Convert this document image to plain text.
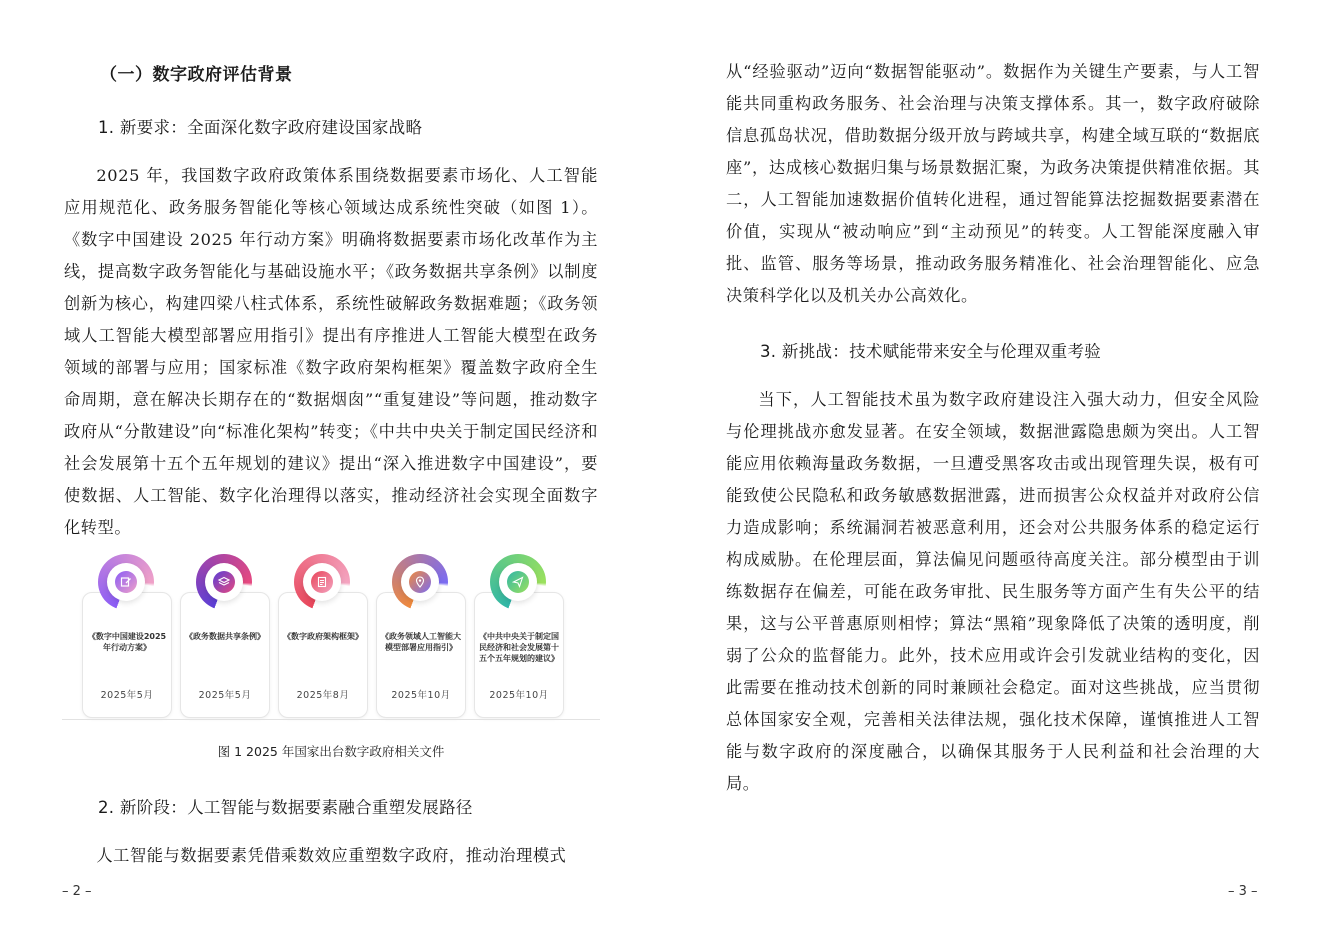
（一）数字政府评估背景
1. 新要求：全面深化数字政府建设国家战略

2025 年，我国数字政府政策体系围绕数据要素市场化、人工智能应用规范化、政务服务智能化等核心领域达成系统性突破（如图 1）。《数字中国建设 2025 年行动方案》明确将数据要素市场化改革作为主线，提高数字政务智能化与基础设施水平；《政务数据共享条例》以制度创新为核心，构建四梁八柱式体系，系统性破解政务数据难题；《政务领域人工智能大模型部署应用指引》提出有序推进人工智能大模型在政务领域的部署与应用；国家标准《数字政府架构框架》覆盖数字政府全生命周期，意在解决长期存在的“数据烟囱”“重复建设”等问题，推动数字政府从“分散建设”向“标准化架构”转变；《中共中央关于制定国民经济和社会发展第十五个五年规划的建议》提出“深入推进数字中国建设”，要使数据、人工智能、数字化治理得以落实，推动经济社会实现全面数字化转型。

《数字中国建设2025年行动方案》
2025年5月
《政务数据共享条例》
2025年5月
《数字政府架构框架》
2025年8月
《政务领域人工智能大模型部署应用指引》
2025年10月
《中共中央关于制定国民经济和社会发展第十五个五年规划的建议》
2025年10月
图 1 2025 年国家出台数字政府相关文件
2. 新阶段：人工智能与数据要素融合重塑发展路径

人工智能与数据要素凭借乘数效应重塑数字政府，推动治理模式

– 2 –

从“经验驱动”迈向“数据智能驱动”。数据作为关键生产要素，与人工智能共同重构政务服务、社会治理与决策支撑体系。其一，数字政府破除信息孤岛状况，借助数据分级开放与跨域共享，构建全域互联的“数据底座”，达成核心数据归集与场景数据汇聚，为政务决策提供精准依据。其二，人工智能加速数据价值转化进程，通过智能算法挖掘数据要素潜在价值，实现从“被动响应”到“主动预见”的转变。人工智能深度融入审批、监管、服务等场景，推动政务服务精准化、社会治理智能化、应急决策科学化以及机关办公高效化。

3. 新挑战：技术赋能带来安全与伦理双重考验

当下，人工智能技术虽为数字政府建设注入强大动力，但安全风险与伦理挑战亦愈发显著。在安全领域，数据泄露隐患颇为突出。人工智能应用依赖海量政务数据，一旦遭受黑客攻击或出现管理失误，极有可能致使公民隐私和政务敏感数据泄露，进而损害公众权益并对政府公信力造成影响；系统漏洞若被恶意利用，还会对公共服务体系的稳定运行构成威胁。在伦理层面，算法偏见问题亟待高度关注。部分模型由于训练数据存在偏差，可能在政务审批、民生服务等方面产生有失公平的结果，这与公平普惠原则相悖；算法“黑箱”现象降低了决策的透明度，削弱了公众的监督能力。此外，技术应用或许会引发就业结构的变化，因此需要在推动技术创新的同时兼顾社会稳定。面对这些挑战，应当贯彻总体国家安全观，完善相关法律法规，强化技术保障，谨慎推进人工智能与数字政府的深度融合，以确保其服务于人民利益和社会治理的大局。

– 3 –
